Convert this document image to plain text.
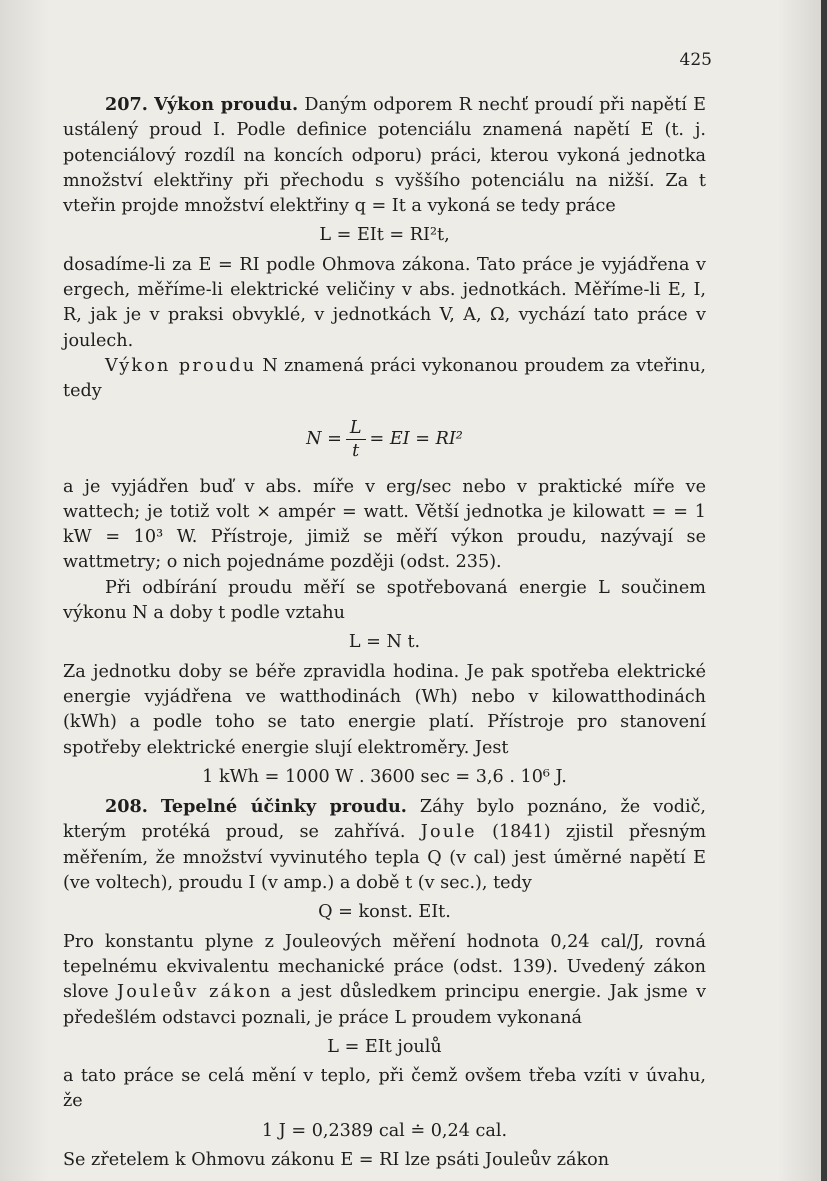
425

207. Výkon proudu. Daným odporem R nechť proudí při napětí E ustálený proud I. Podle definice potenciálu znamená napětí E (t. j. potenciálový rozdíl na koncích odporu) práci, kterou vykoná jednotka množství elektřiny při přechodu s vyššího potenciálu na nižší. Za t vteřin projde množství elektřiny q = It a vykoná se tedy práce

L = EIt = RI²t,

dosadíme-li za E = RI podle Ohmova zákona. Tato práce je vyjádřena v ergech, měříme-li elektrické veličiny v abs. jednotkách. Měříme-li E, I, R, jak je v praksi obvyklé, v jednotkách V, A, Ω, vychází tato práce v joulech.

Výkon proudu N znamená práci vykonanou proudem za vteřinu, tedy

$N = \frac{L}{t}$ = EI = RI²

a je vyjádřen buď v abs. míře v erg/sec nebo v praktické míře ve wattech; je totiž volt × ampér = watt. Větší jednotka je kilowatt = = 1 kW = 10³ W. Přístroje, jimiž se měří výkon proudu, nazývají se wattmetry; o nich pojednáme později (odst. 235).

Při odbírání proudu měří se spotřebovaná energie L součinem výkonu N a doby t podle vztahu

L = N t.

Za jednotku doby se béře zpravidla hodina. Je pak spotřeba elektrické energie vyjádřena ve watthodinách (Wh) nebo v kilowatthodinách (kWh) a podle toho se tato energie platí. Přístroje pro stanovení spotřeby elektrické energie slují elektroměry. Jest

1 kWh = 1000 W . 3600 sec = 3,6 . 10⁶ J.

208. Tepelné účinky proudu. Záhy bylo poznáno, že vodič, kterým protéká proud, se zahřívá. Joule (1841) zjistil přesným měřením, že množství vyvinutého tepla Q (v cal) jest úměrné napětí E (ve voltech), proudu I (v amp.) a době t (v sec.), tedy

Q = konst. EIt.

Pro konstantu plyne z Jouleových měření hodnota 0,24 cal/J, rovná tepelnému ekvivalentu mechanické práce (odst. 139). Uvedený zákon slove Jouleův zákon a jest důsledkem principu energie. Jak jsme v předešlém odstavci poznali, je práce L proudem vykonaná

L = EIt joulů

a tato práce se celá mění v teplo, při čemž ovšem třeba vzíti v úvahu, že

1 J = 0,2389 cal ≐ 0,24 cal.

Se zřetelem k Ohmovu zákonu E = RI lze psáti Jouleův zákon
